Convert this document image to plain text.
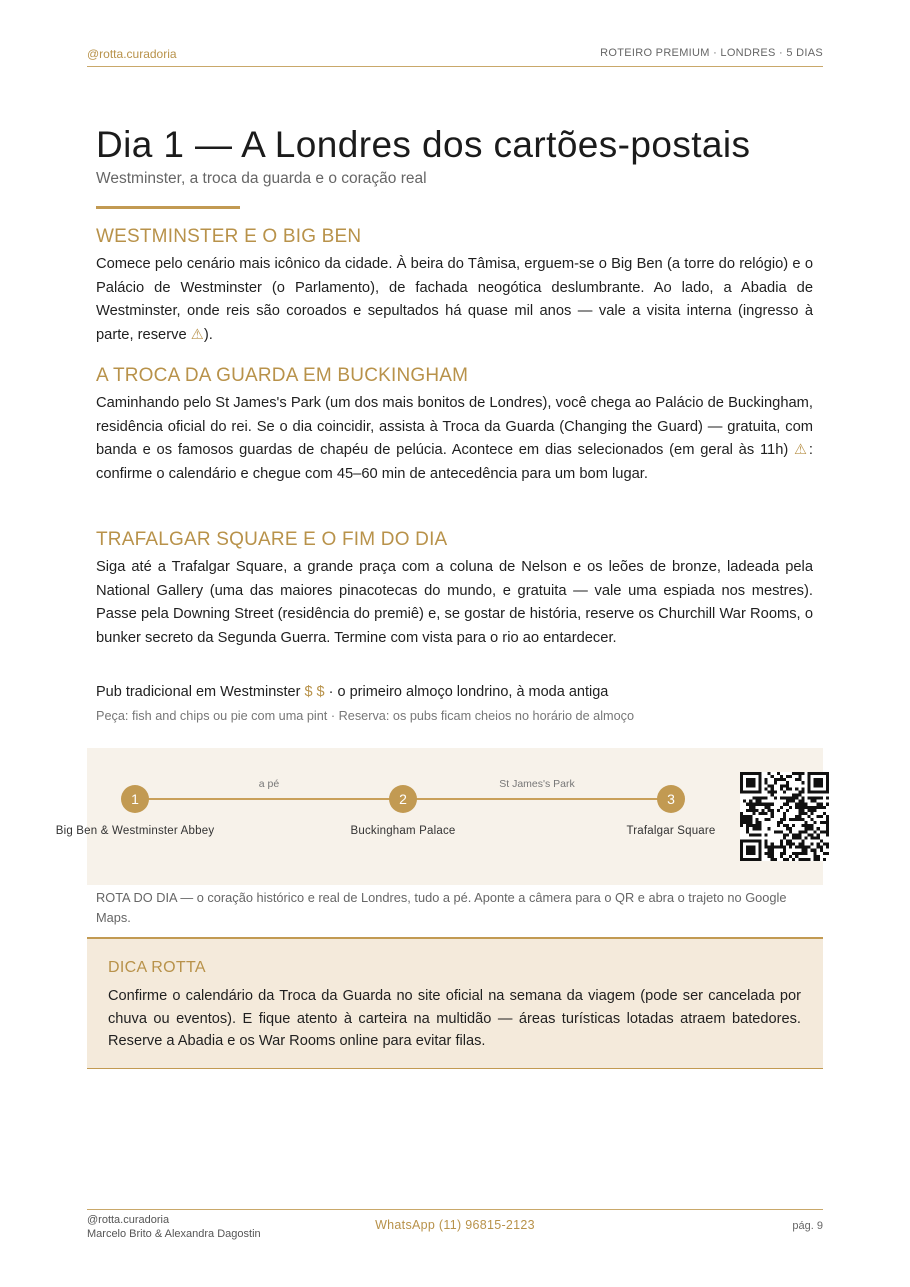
@rotta.curadoria	ROTEIRO PREMIUM · LONDRES · 5 DIAS
Dia 1 — A Londres dos cartões-postais
Westminster, a troca da guarda e o coração real
WESTMINSTER E O BIG BEN

Comece pelo cenário mais icônico da cidade. À beira do Tâmisa, erguem-se o Big Ben (a torre do relógio) e o Palácio de Westminster (o Parlamento), de fachada neogótica deslumbrante. Ao lado, a Abadia de Westminster, onde reis são coroados e sepultados há quase mil anos — vale a visita interna (ingresso à parte, reserve ⚠).

A TROCA DA GUARDA EM BUCKINGHAM

Caminhando pelo St James's Park (um dos mais bonitos de Londres), você chega ao Palácio de Buckingham, residência oficial do rei. Se o dia coincidir, assista à Troca da Guarda (Changing the Guard) — gratuita, com banda e os famosos guardas de chapéu de pelúcia. Acontece em dias selecionados (em geral às 11h) ⚠: confirme o calendário e chegue com 45–60 min de antecedência para um bom lugar.

TRAFALGAR SQUARE E O FIM DO DIA

Siga até a Trafalgar Square, a grande praça com a coluna de Nelson e os leões de bronze, ladeada pela National Gallery (uma das maiores pinacotecas do mundo, e gratuita — vale uma espiada nos mestres). Passe pela Downing Street (residência do premiê) e, se gostar de história, reserve os Churchill War Rooms, o bunker secreto da Segunda Guerra. Termine com vista para o rio ao entardecer.

Pub tradicional em Westminster $ $ · o primeiro almoço londrino, à moda antiga
Peça: fish and chips ou pie com uma pint · Reserva: os pubs ficam cheios no horário de almoço
a pé	St James's Park
1	2	3
Big Ben & Westminster Abbey	Buckingham Palace	Trafalgar Square
ROTA DO DIA — o coração histórico e real de Londres, tudo a pé. Aponte a câmera para o QR e abra o trajeto no Google Maps.
DICA ROTTA
Confirme o calendário da Troca da Guarda no site oficial na semana da viagem (pode ser cancelada por chuva ou eventos). E fique atento à carteira na multidão — áreas turísticas lotadas atraem batedores. Reserve a Abadia e os War Rooms online para evitar filas.
@rotta.curadoria
Marcelo Brito & Alexandra Dagostin
WhatsApp (11) 96815-2123	pág. 9
